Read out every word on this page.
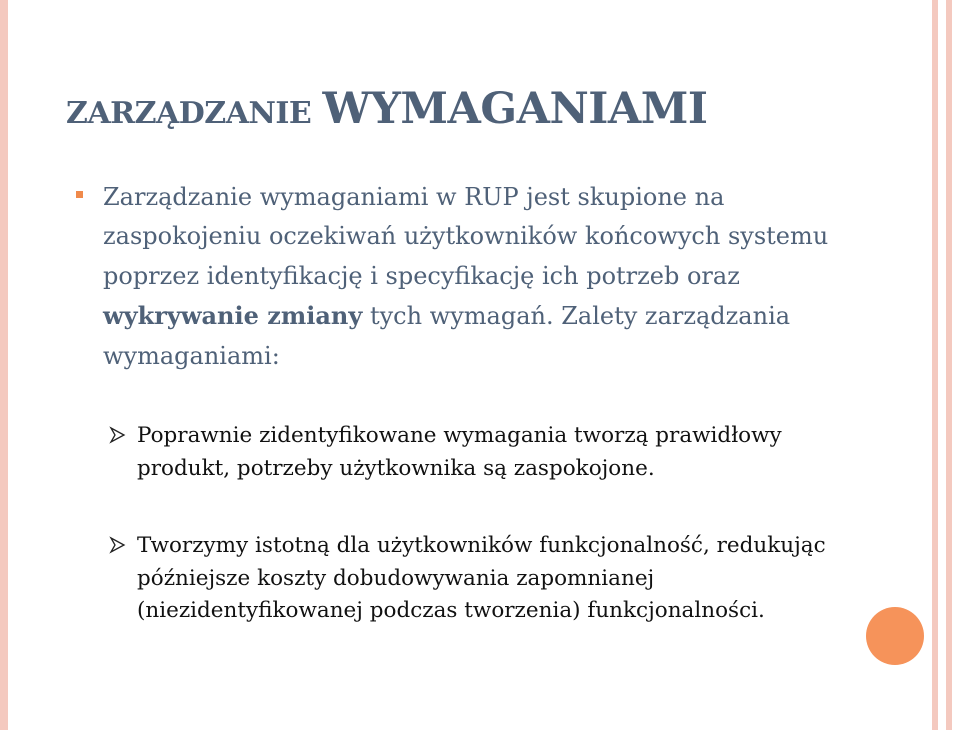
ZARZĄDZANIE WYMAGANIAMI

Zarządzanie wymaganiami w RUP jest skupione na zaspokojeniu oczekiwań użytkowników końcowych systemu poprzez identyfikację i specyfikację ich potrzeb oraz wykrywanie zmiany tych wymagań. Zalety zarządzania wymaganiami:

Poprawnie zidentyfikowane wymagania tworzą prawidłowy produkt, potrzeby użytkownika są zaspokojone.

Tworzymy istotną dla użytkowników funkcjonalność, redukując późniejsze koszty dobudowywania zapomnianej (niezidentyfikowanej podczas tworzenia) funkcjonalności.
